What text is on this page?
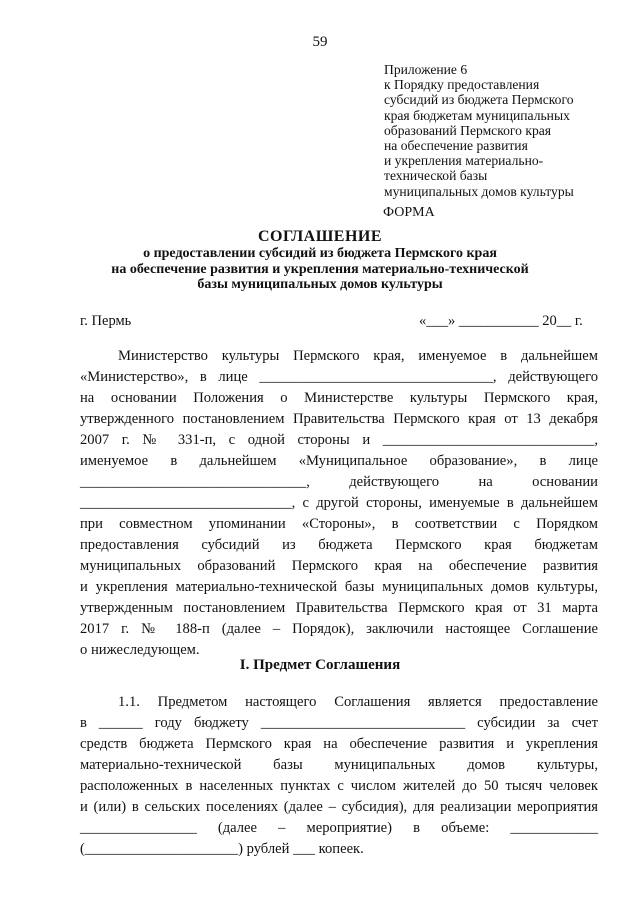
59
Приложение 6
к Порядку предоставления
субсидий из бюджета Пермского
края бюджетам муниципальных
образований Пермского края
на обеспечение развития
и укрепления материально-
технической базы
муниципальных домов культуры
ФОРМА
СОГЛАШЕНИЕ
о предоставлении субсидий из бюджета Пермского края
на обеспечение развития и укрепления материально-технической
базы муниципальных домов культуры
г. Пермь	«___» ___________ 20__ г.
Министерство культуры Пермского края, именуемое в дальнейшем
«Министерство», в лице ________________________________, действующего
на основании Положения о Министерстве культуры Пермского края,
утвержденного постановлением Правительства Пермского края от 13 декабря
2007 г. № 331-п, с одной стороны и _____________________________,
именуемое в дальнейшем «Муниципальное образование», в лице
_______________________________, действующего на основании
_____________________________, с другой стороны, именуемые в дальнейшем
при совместном упоминании «Стороны», в соответствии с Порядком
предоставления субсидий из бюджета Пермского края бюджетам
муниципальных образований Пермского края на обеспечение развития
и укрепления материально-технической базы муниципальных домов культуры,
утвержденным постановлением Правительства Пермского края от 31 марта
2017 г. № 188-п (далее – Порядок), заключили настоящее Соглашение
о нижеследующем.
I. Предмет Соглашения
1.1. Предметом настоящего Соглашения является предоставление
в ______ году бюджету ____________________________ субсидии за счет
средств бюджета Пермского края на обеспечение развития и укрепления
материально-технической базы муниципальных домов культуры,
расположенных в населенных пунктах с числом жителей до 50 тысяч человек
и (или) в сельских поселениях (далее – субсидия), для реализации мероприятия
________________ (далее – мероприятие) в объеме: ____________
(_____________________) рублей ___ копеек.
